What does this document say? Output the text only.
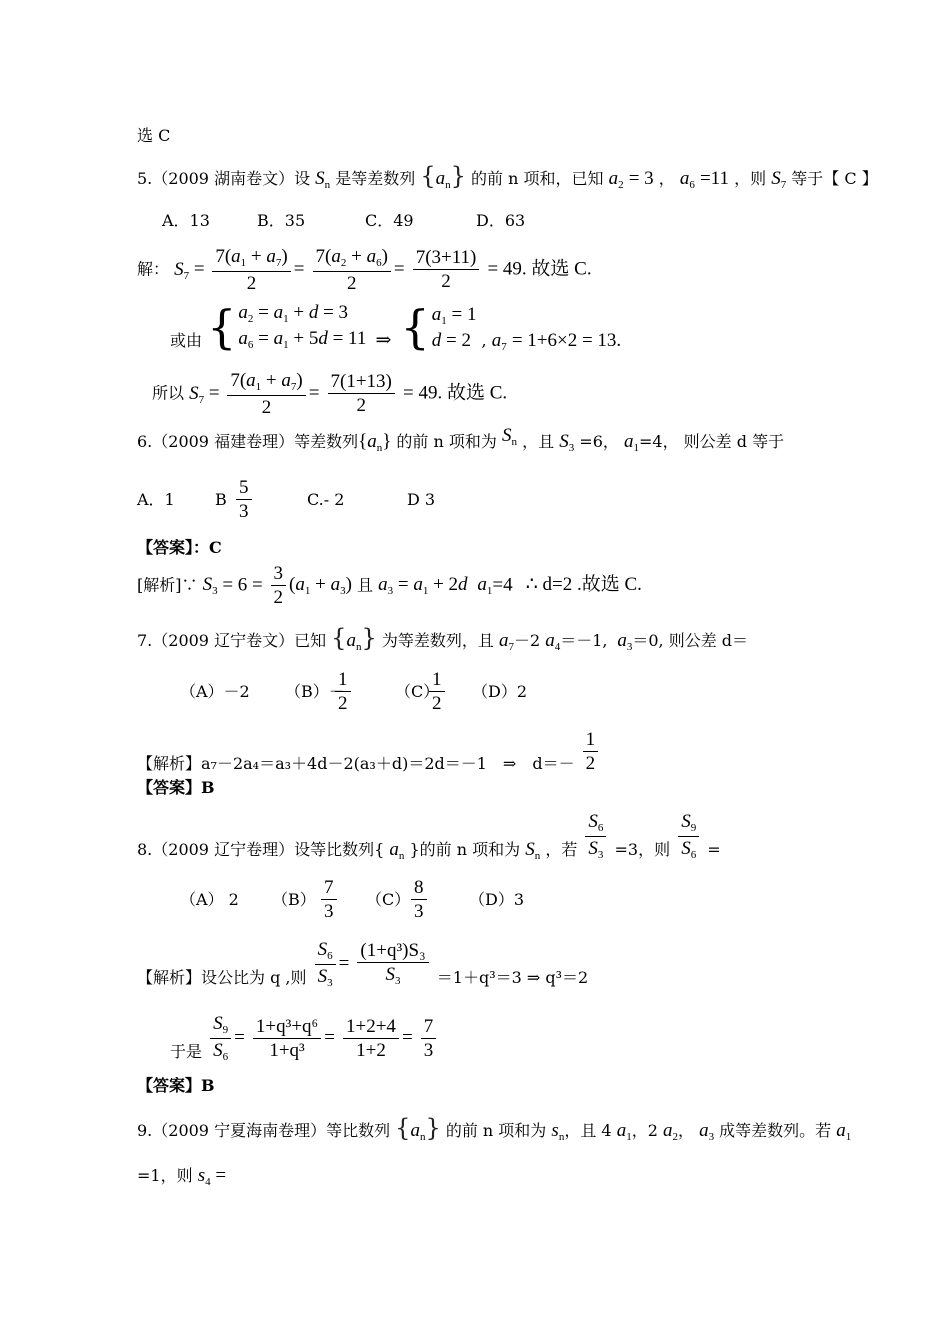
选 C
5.（2009 湖南卷文）设 $S_n$ 是等差数列 $\{a_n\}$ 的前 n 项和，已知 $a_2 = 3$ ， $a_6 =11$ ，则 $S_7$ 等于【 C 】
A．13	B．35	C．49	D．63
解： $S_7 = \frac{7(a_1 + a_7)}{2} = \frac{7(a_2 + a_6)}{2} = \frac{7(3+11)}{2} = 49$. 故选 C.
或由 { $a_2 = a_1 + d = 3$
$a_6 = a_1 + 5d = 11$ ⇒ { $a_1 = 1$
d = 2 , $a_7 = 1+6\times 2 = 13$.
所以 $S_7 = \frac{7(a_1 + a_7)}{2} = \frac{7(1+13)}{2} = 49$. 故选 C.
6.（2009 福建卷理）等差数列$\{a_n\}$ 的前 n 项和为 $S_n$ ，且 $S_3 =6$， $a_1=4$， 则公差 d 等于
A．1	B $\frac{5}{3}$	C.- 2	D 3
【答案】：C
[解析]∵ $S_3 = 6 = \frac{3}{2} (a_1 + a_3)$ 且 $a_3 = a_1 + 2d$  $a_1=4$ ∴ d=2 .故选 C.
7.（2009 辽宁卷文）已知 $\{a_n\}$ 为等差数列，且 $a_7-2$ $a_4=-1$,  $a_3=0$, 则公差 d＝
（A）－2 （B）－
$\frac{1}{2}$	（C）
$\frac{1}{2} (D)2$
【解析】a₇－2a₄＝a₃＋4d－2(a₃＋d)＝2d＝－1　⇒　$d=- \frac{1}{2}$
【答案】B
8.（2009 辽宁卷理）设等比数列{ $a_n$ }的前 n 项和为 $S_n$ ，若 $\frac{S_6}{S_3} =3$，则 $\frac{S_9}{S_6}$ =
（A） 2 $(B) \frac{7}{3} (C) \frac{8}{3}$	（D）3
【解析】设公比为 q ,则 $\frac{S_6}{S_3} = \frac{\text{(1+q³)S₃}}{S_3} =1+q^3=3$ ⇒ q³＝2
于是 $\frac{S_9}{S_6} = \frac{\text{1+q³+q⁶}}{\text{1+q³}} = \frac{1+2+4}{1+2} = \frac{7}{3}$
【答案】B
9.（2009 宁夏海南卷理）等比数列 $\{a_n\}$ 的前 n 项和为 $s_n$，且 4 $a_1$，2 $a_2$， $a_3$ 成等差数列。若 $a_1$
=1，则 $s_4$ =
